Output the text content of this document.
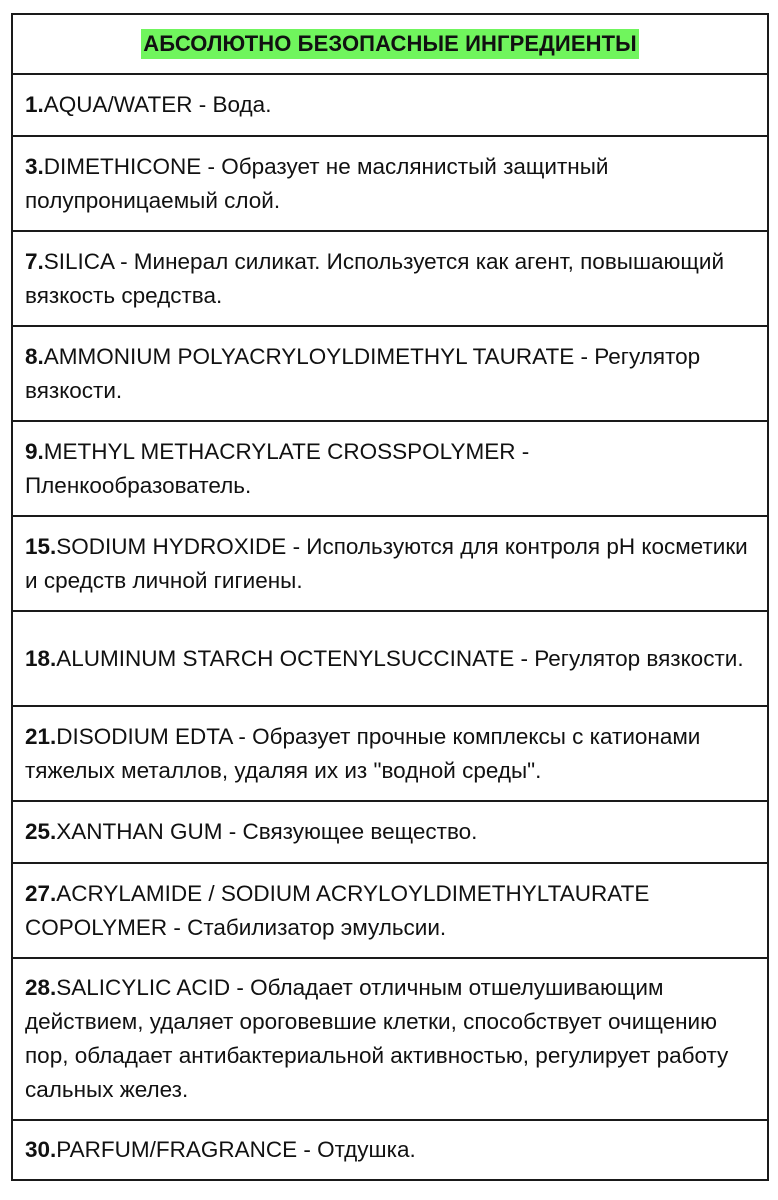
АБСОЛЮТНО БЕЗОПАСНЫЕ ИНГРЕДИЕНТЫ
1.AQUA/WATER - Вода.
3.DIMETHICONE - Образует не маслянистый защитный полупроницаемый слой.
7.SILICA - Минерал силикат. Используется как агент, повышающий вязкость средства.
8.AMMONIUM POLYACRYLOYLDIMETHYL TAURATE - Регулятор вязкости.
9.METHYL METHACRYLATE CROSSPOLYMER - Пленкообразователь.
15.SODIUM HYDROXIDE - Используются для контроля pH косметики и средств личной гигиены.
18.ALUMINUM STARCH OCTENYLSUCCINATE - Регулятор вязкости.
21.DISODIUM EDTA - Образует прочные комплексы с катионами тяжелых металлов, удаляя их из "водной среды".
25.XANTHAN GUM - Связующее вещество.
27.ACRYLAMIDE / SODIUM ACRYLOYLDIMETHYLTAURATE COPOLYMER - Стабилизатор эмульсии.
28.SALICYLIC ACID - Обладает отличным отшелушивающим действием, удаляет ороговевшие клетки, способствует очищению пор, обладает антибактериальной активностью, регулирует работу сальных желез.
30.PARFUM/FRAGRANCE - Отдушка.
